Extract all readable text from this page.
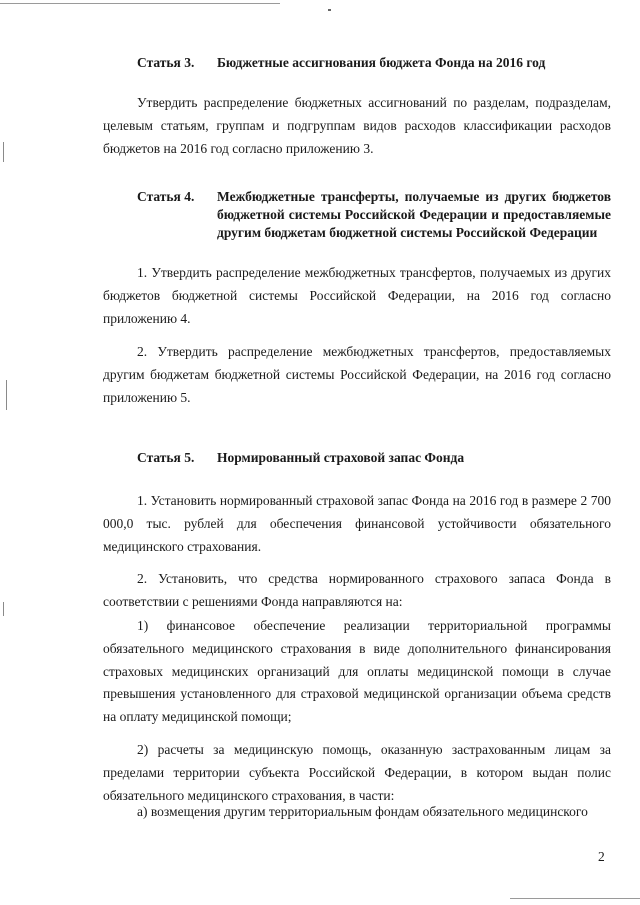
Статья 3. Бюджетные ассигнования бюджета Фонда на 2016 год
Утвердить распределение бюджетных ассигнований по разделам, подразделам, целевым статьям, группам и подгруппам видов расходов классификации расходов бюджетов на 2016 год согласно приложению 3.
Статья 4. Межбюджетные трансферты, получаемые из других бюджетов бюджетной системы Российской Федерации и предоставляемые другим бюджетам бюджетной системы Российской Федерации
1. Утвердить распределение межбюджетных трансфертов, получаемых из других бюджетов бюджетной системы Российской Федерации, на 2016 год согласно приложению 4.
2. Утвердить распределение межбюджетных трансфертов, предоставляемых другим бюджетам бюджетной системы Российской Федерации, на 2016 год согласно приложению 5.
Статья 5. Нормированный страховой запас Фонда
1. Установить нормированный страховой запас Фонда на 2016 год в размере 2 700 000,0 тыс. рублей для обеспечения финансовой устойчивости обязательного медицинского страхования.
2. Установить, что средства нормированного страхового запаса Фонда в соответствии с решениями Фонда направляются на:
1) финансовое обеспечение реализации территориальной программы обязательного медицинского страхования в виде дополнительного финансирования страховых медицинских организаций для оплаты медицинской помощи в случае превышения установленного для страховой медицинской организации объема средств на оплату медицинской помощи;
2) расчеты за медицинскую помощь, оказанную застрахованным лицам за пределами территории субъекта Российской Федерации, в котором выдан полис обязательного медицинского страхования, в части:
а) возмещения другим территориальным фондам обязательного медицинского
2
